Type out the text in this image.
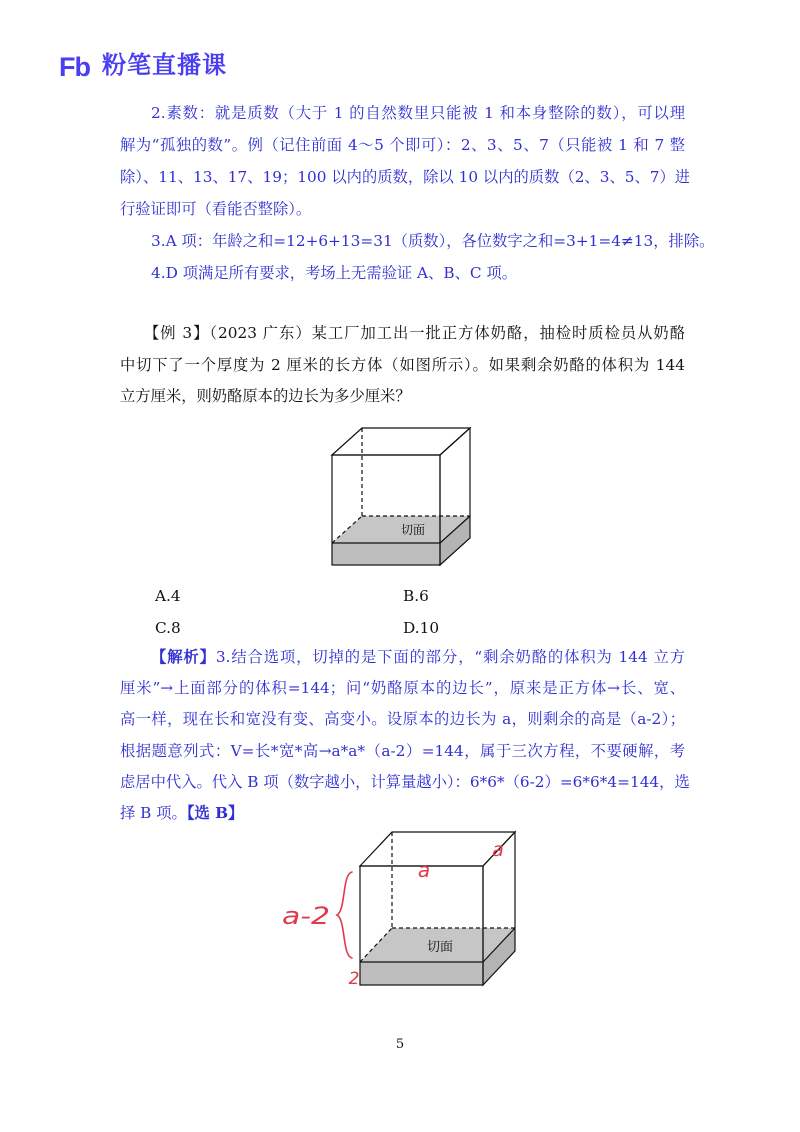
Fb 粉笔直播课
2.素数：就是质数（大于 1 的自然数里只能被 1 和本身整除的数），可以理
解为“孤独的数”。例（记住前面 4～5 个即可）：2、3、5、7（只能被 1 和 7 整
除）、11、13、17、19；100 以内的质数，除以 10 以内的质数（2、3、5、7）进
行验证即可（看能否整除）。
3.A 项：年龄之和=12+6+13=31（质数），各位数字之和=3+1=4≠13，排除。
4.D 项满足所有要求，考场上无需验证 A、B、C 项。
【例 3】（2023 广东）某工厂加工出一批正方体奶酪，抽检时质检员从奶酪
中切下了一个厚度为 2 厘米的长方体（如图所示）。如果剩余奶酪的体积为 144
立方厘米，则奶酪原本的边长为多少厘米？
切面
A.4	B.6
C.8	D.10
【解析】3.结合选项，切掉的是下面的部分，“剩余奶酪的体积为 144 立方
厘米”→上面部分的体积=144；问“奶酪原本的边长”，原来是正方体→长、宽、
高一样，现在长和宽没有变、高变小。设原本的边长为 a，则剩余的高是（a-2）；
根据题意列式：V=长*宽*高→a*a*（a-2）=144，属于三次方程，不要硬解，考
虑居中代入。代入 B 项（数字越小，计算量越小）：6*6*（6-2）=6*6*4=144，选
择 B 项。【选 B】
切面
a
a
a-2
2
5
